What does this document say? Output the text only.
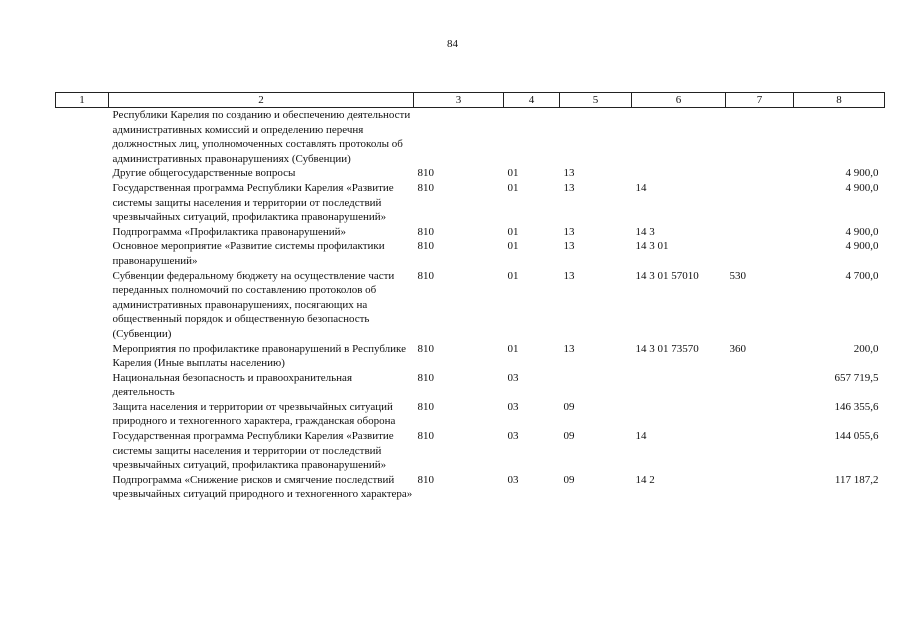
84
1	2	3	4	5	6	7	8
	Республики Карелия по созданию и обеспечению деятельности административных комиссий и определению перечня должностных лиц, уполномоченных составлять протоколы об административных правонарушениях (Субвенции)						
	Другие общегосударственные вопросы	810	01	13			4 900,0
	Государственная программа Республики Карелия «Развитие системы защиты населения и территории от последствий чрезвычайных ситуаций, профилактика правонарушений»	810	01	13	14		4 900,0
	Подпрограмма «Профилактика правонарушений»	810	01	13	14 3		4 900,0
	Основное мероприятие «Развитие системы профилактики правонарушений»	810	01	13	14 3 01		4 900,0
	Субвенции федеральному бюджету на осуществление части переданных полномочий по составлению протоколов об административных правонарушениях, посягающих на общественный порядок и общественную безопасность (Субвенции)	810	01	13	14 3 01 57010	530	4 700,0
	Мероприятия по профилактике правонарушений в Республике Карелия (Иные выплаты населению)	810	01	13	14 3 01 73570	360	200,0
	Национальная безопасность и правоохранительная деятельность	810	03				657 719,5
	Защита населения и территории от чрезвычайных ситуаций природного и техногенного характера, гражданская оборона	810	03	09			146 355,6
	Государственная программа Республики Карелия «Развитие системы защиты населения и территории от последствий чрезвычайных ситуаций, профилактика правонарушений»	810	03	09	14		144 055,6
	Подпрограмма «Снижение рисков и смягчение последствий чрезвычайных ситуаций природного и техногенного характера»	810	03	09	14 2		117 187,2
